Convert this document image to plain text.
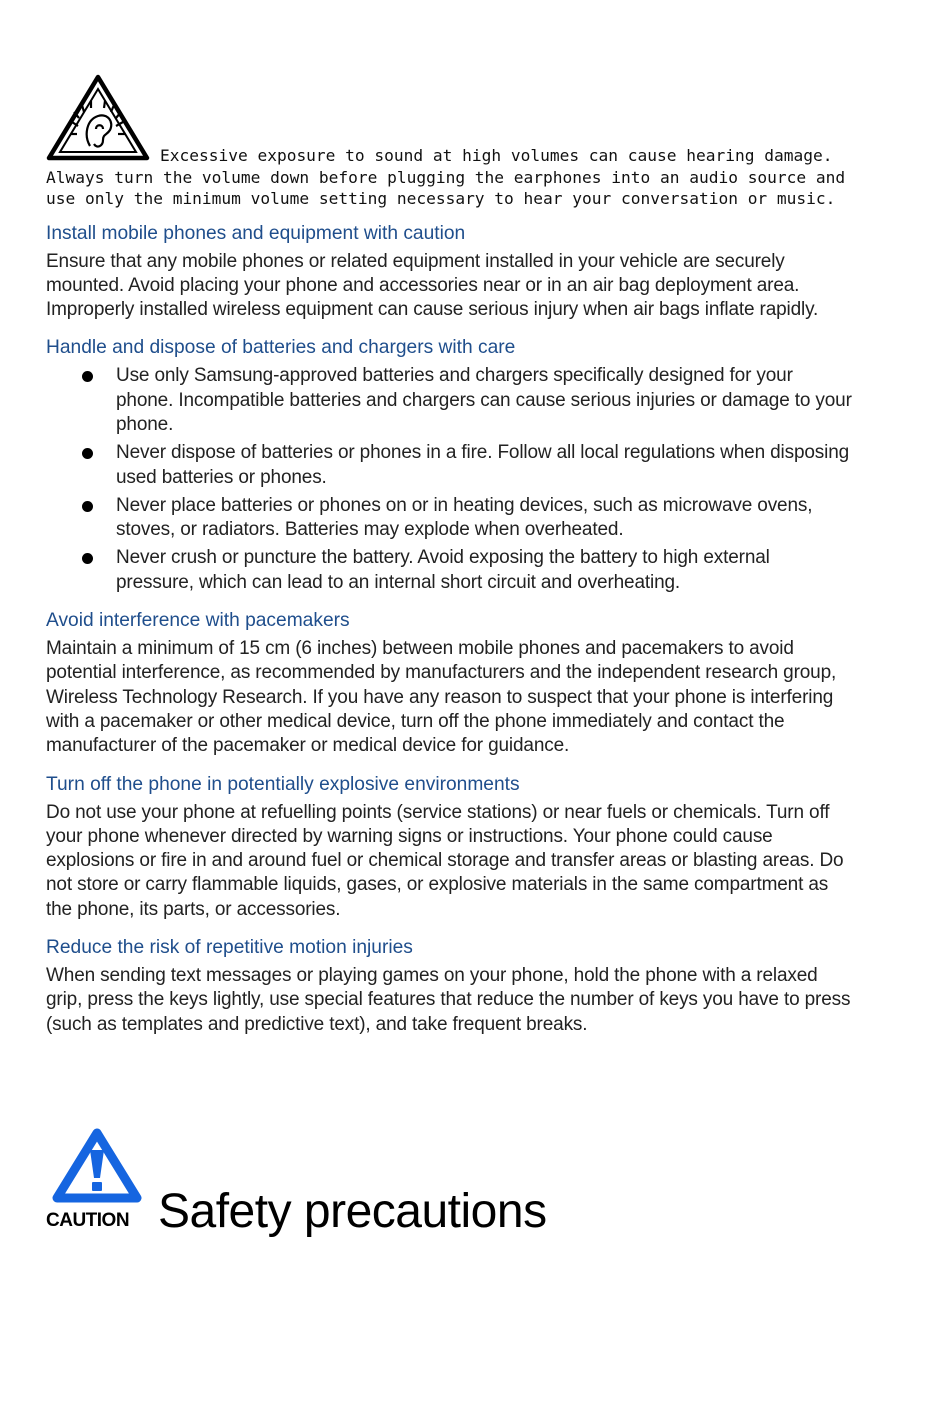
Excessive exposure to sound at high volumes can cause hearing damage.
Always turn the volume down before plugging the earphones into an audio source and
use only the minimum volume setting necessary to hear your conversation or music.
Install mobile phones and equipment with caution

Ensure that any mobile phones or related equipment installed in your vehicle are securely mounted. Avoid placing your phone and accessories near or in an air bag deployment area. Improperly installed wireless equipment can cause serious injury when air bags inflate rapidly.

Handle and dispose of batteries and chargers with care
Use only Samsung-approved batteries and chargers specifically designed for your phone. Incompatible batteries and chargers can cause serious injuries or damage to your phone.
Never dispose of batteries or phones in a fire. Follow all local regulations when disposing used batteries or phones.
Never place batteries or phones on or in heating devices, such as microwave ovens, stoves, or radiators. Batteries may explode when overheated.
Never crush or puncture the battery. Avoid exposing the battery to high external pressure, which can lead to an internal short circuit and overheating.
Avoid interference with pacemakers

Maintain a minimum of 15 cm (6 inches) between mobile phones and pacemakers to avoid potential interference, as recommended by manufacturers and the independent research group, Wireless Technology Research. If you have any reason to suspect that your phone is interfering with a pacemaker or other medical device, turn off the phone immediately and contact the manufacturer of the pacemaker or medical device for guidance.

Turn off the phone in potentially explosive environments

Do not use your phone at refuelling points (service stations) or near fuels or chemicals. Turn off your phone whenever directed by warning signs or instructions. Your phone could cause explosions or fire in and around fuel or chemical storage and transfer areas or blasting areas. Do not store or carry flammable liquids, gases, or explosive materials in the same compartment as the phone, its parts, or accessories.

Reduce the risk of repetitive motion injuries

When sending text messages or playing games on your phone, hold the phone with a relaxed grip, press the keys lightly, use special features that reduce the number of keys you have to press (such as templates and predictive text), and take frequent breaks.

CAUTION Safety precautions
